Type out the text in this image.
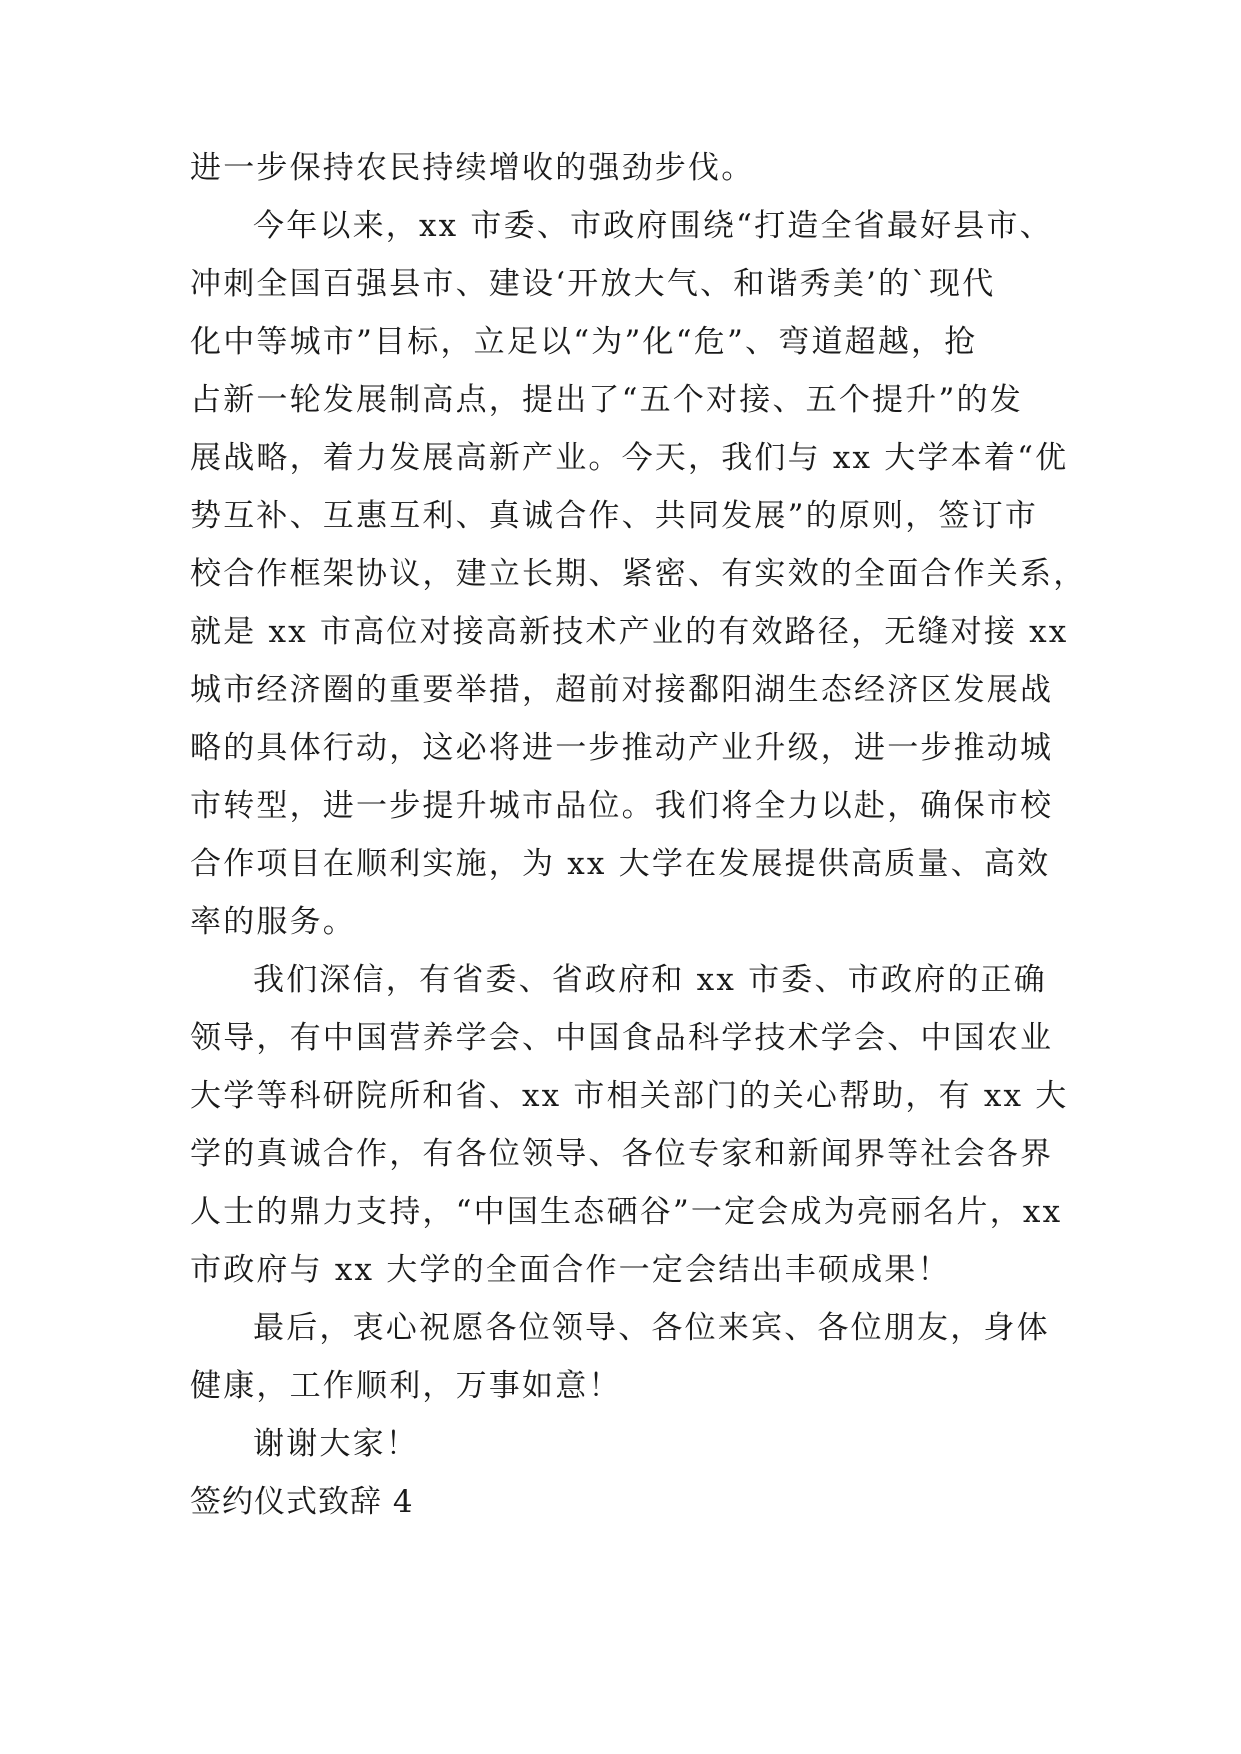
进一步保持农民持续增收的强劲步伐。
今年以来，xx 市委、市政府围绕“打造全省最好县市、
冲刺全国百强县市、建设‘开放大气、和谐秀美’的`现代
化中等城市”目标，立足以“为”化“危”、弯道超越，抢
占新一轮发展制高点，提出了“五个对接、五个提升”的发
展战略，着力发展高新产业。今天，我们与 xx 大学本着“优
势互补、互惠互利、真诚合作、共同发展”的原则，签订市
校合作框架协议，建立长期、紧密、有实效的全面合作关系，
就是 xx 市高位对接高新技术产业的有效路径，无缝对接 xx
城市经济圈的重要举措，超前对接鄱阳湖生态经济区发展战
略的具体行动，这必将进一步推动产业升级，进一步推动城
市转型，进一步提升城市品位。我们将全力以赴，确保市校
合作项目在顺利实施，为 xx 大学在发展提供高质量、高效
率的服务。
我们深信，有省委、省政府和 xx 市委、市政府的正确
领导，有中国营养学会、中国食品科学技术学会、中国农业
大学等科研院所和省、xx 市相关部门的关心帮助，有 xx 大
学的真诚合作，有各位领导、各位专家和新闻界等社会各界
人士的鼎力支持，“中国生态硒谷”一定会成为亮丽名片，xx
市政府与 xx 大学的全面合作一定会结出丰硕成果！
最后，衷心祝愿各位领导、各位来宾、各位朋友，身体
健康，工作顺利，万事如意！
谢谢大家！
签约仪式致辞 4
